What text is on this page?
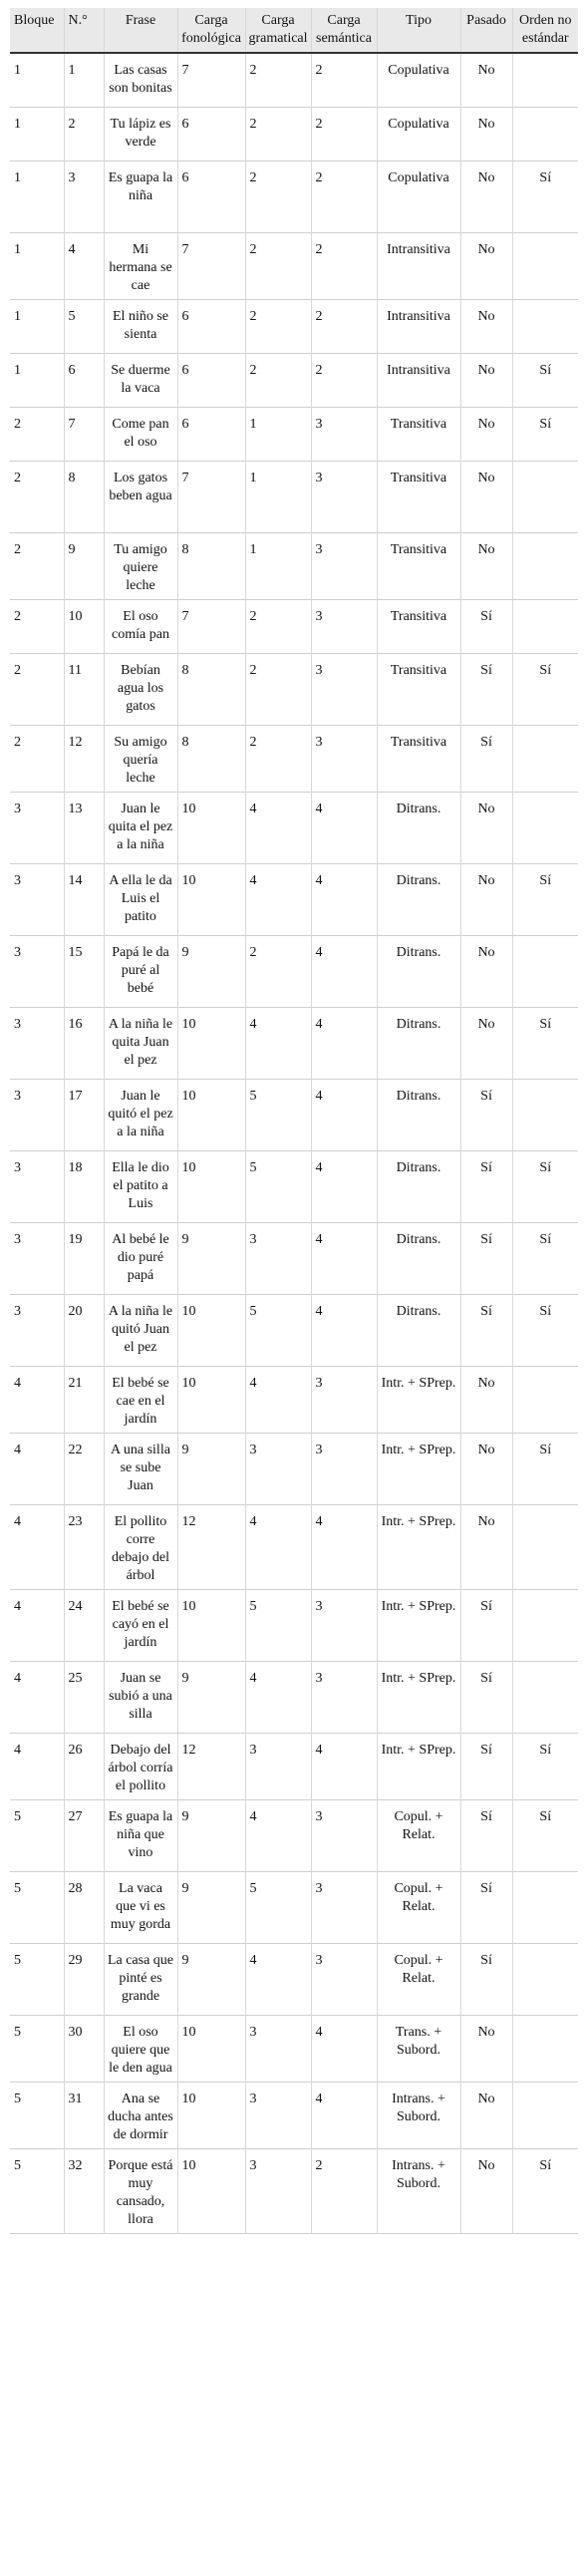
Bloque	N.°	Frase	Carga fonológica	Carga gramatical	Carga semántica	Tipo	Pasado	Orden no estándar
1	1	Las casas son bonitas	7	2	2	Copulativa	No	
1	2	Tu lápiz es verde	6	2	2	Copulativa	No	
1	3	Es guapa la niña	6	2	2	Copulativa	No	Sí
1	4	Mi hermana se cae	7	2	2	Intransitiva	No	
1	5	El niño se sienta	6	2	2	Intransitiva	No	
1	6	Se duerme la vaca	6	2	2	Intransitiva	No	Sí
2	7	Come pan el oso	6	1	3	Transitiva	No	Sí
2	8	Los gatos beben agua	7	1	3	Transitiva	No	
2	9	Tu amigo quiere leche	8	1	3	Transitiva	No	
2	10	El oso comía pan	7	2	3	Transitiva	Sí	
2	11	Bebían agua los gatos	8	2	3	Transitiva	Sí	Sí
2	12	Su amigo quería leche	8	2	3	Transitiva	Sí	
3	13	Juan le quita el pez a la niña	10	4	4	Ditrans.	No	
3	14	A ella le da Luis el patito	10	4	4	Ditrans.	No	Sí
3	15	Papá le da puré al bebé	9	2	4	Ditrans.	No	
3	16	A la niña le quita Juan el pez	10	4	4	Ditrans.	No	Sí
3	17	Juan le quitó el pez a la niña	10	5	4	Ditrans.	Sí	
3	18	Ella le dio el patito a Luis	10	5	4	Ditrans.	Sí	Sí
3	19	Al bebé le dio puré papá	9	3	4	Ditrans.	Sí	Sí
3	20	A la niña le quitó Juan el pez	10	5	4	Ditrans.	Sí	Sí
4	21	El bebé se cae en el jardín	10	4	3	Intr. + SPrep.	No	
4	22	A una silla se sube Juan	9	3	3	Intr. + SPrep.	No	Sí
4	23	El pollito corre debajo del árbol	12	4	4	Intr. + SPrep.	No	
4	24	El bebé se cayó en el jardín	10	5	3	Intr. + SPrep.	Sí	
4	25	Juan se subió a una silla	9	4	3	Intr. + SPrep.	Sí	
4	26	Debajo del árbol corría el pollito	12	3	4	Intr. + SPrep.	Sí	Sí
5	27	Es guapa la niña que vino	9	4	3	Copul. + Relat.	Sí	Sí
5	28	La vaca que vi es muy gorda	9	5	3	Copul. + Relat.	Sí	
5	29	La casa que pinté es grande	9	4	3	Copul. + Relat.	Sí	
5	30	El oso quiere que le den agua	10	3	4	Trans. + Subord.	No	
5	31	Ana se ducha antes de dormir	10	3	4	Intrans. + Subord.	No	
5	32	Porque está muy cansado, llora	10	3	2	Intrans. + Subord.	No	Sí
